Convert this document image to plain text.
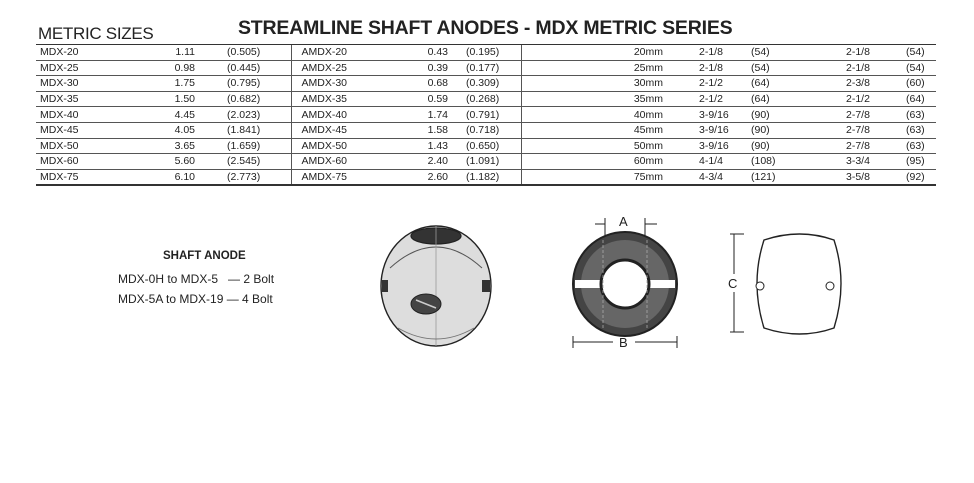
METRIC SIZES	STREAMLINE SHAFT ANODES - MDX METRIC SERIES
MDX-20	1.11	(0.505)	AMDX-20	0.43	(0.195)	20mm	2-1/8	(54)	2-1/8	(54)
MDX-25	0.98	(0.445)	AMDX-25	0.39	(0.177)	25mm	2-1/8	(54)	2-1/8	(54)
MDX-30	1.75	(0.795)	AMDX-30	0.68	(0.309)	30mm	2-1/2	(64)	2-3/8	(60)
MDX-35	1.50	(0.682)	AMDX-35	0.59	(0.268)	35mm	2-1/2	(64)	2-1/2	(64)
MDX-40	4.45	(2.023)	AMDX-40	1.74	(0.791)	40mm	3-9/16	(90)	2-7/8	(63)
MDX-45	4.05	(1.841)	AMDX-45	1.58	(0.718)	45mm	3-9/16	(90)	2-7/8	(63)
MDX-50	3.65	(1.659)	AMDX-50	1.43	(0.650)	50mm	3-9/16	(90)	2-7/8	(63)
MDX-60	5.60	(2.545)	AMDX-60	2.40	(1.091)	60mm	4-1/4	(108)	3-3/4	(95)
MDX-75	6.10	(2.773)	AMDX-75	2.60	(1.182)	75mm	4-3/4	(121)	3-5/8	(92)
SHAFT ANODE
MDX-0H to MDX-5   — 2 Bolt
MDX-5A to MDX-19 — 4 Bolt
A
B
C
